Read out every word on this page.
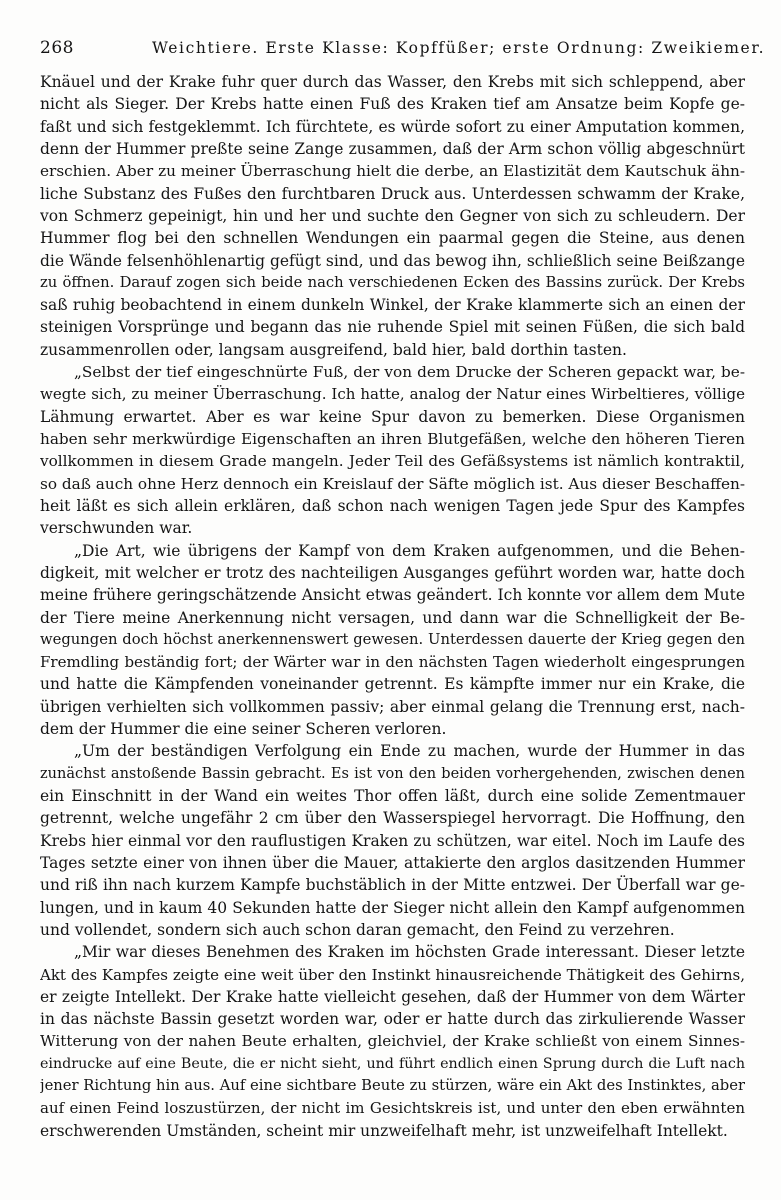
268	Weichtiere. Erste Klasse: Kopffüßer; erste Ordnung: Zweikiemer.
Knäuel und der Krake fuhr quer durch das Wasser, den Krebs mit sich schleppend, aber
nicht als Sieger. Der Krebs hatte einen Fuß des Kraken tief am Ansatze beim Kopfe ge-
faßt und sich festgeklemmt. Ich fürchtete, es würde sofort zu einer Amputation kommen,
denn der Hummer preßte seine Zange zusammen, daß der Arm schon völlig abgeschnürt
erschien. Aber zu meiner Überraschung hielt die derbe, an Elastizität dem Kautschuk ähn-
liche Substanz des Fußes den furchtbaren Druck aus. Unterdessen schwamm der Krake,
von Schmerz gepeinigt, hin und her und suchte den Gegner von sich zu schleudern. Der
Hummer flog bei den schnellen Wendungen ein paarmal gegen die Steine, aus denen
die Wände felsenhöhlenartig gefügt sind, und das bewog ihn, schließlich seine Beißzange
zu öffnen. Darauf zogen sich beide nach verschiedenen Ecken des Bassins zurück. Der Krebs
saß ruhig beobachtend in einem dunkeln Winkel, der Krake klammerte sich an einen der
steinigen Vorsprünge und begann das nie ruhende Spiel mit seinen Füßen, die sich bald
zusammenrollen oder, langsam ausgreifend, bald hier, bald dorthin tasten.
„Selbst der tief eingeschnürte Fuß, der von dem Drucke der Scheren gepackt war, be-
wegte sich, zu meiner Überraschung. Ich hatte, analog der Natur eines Wirbeltieres, völlige
Lähmung erwartet. Aber es war keine Spur davon zu bemerken. Diese Organismen
haben sehr merkwürdige Eigenschaften an ihren Blutgefäßen, welche den höheren Tieren
vollkommen in diesem Grade mangeln. Jeder Teil des Gefäßsystems ist nämlich kontraktil,
so daß auch ohne Herz dennoch ein Kreislauf der Säfte möglich ist. Aus dieser Beschaffen-
heit läßt es sich allein erklären, daß schon nach wenigen Tagen jede Spur des Kampfes
verschwunden war.
„Die Art, wie übrigens der Kampf von dem Kraken aufgenommen, und die Behen-
digkeit, mit welcher er trotz des nachteiligen Ausganges geführt worden war, hatte doch
meine frühere geringschätzende Ansicht etwas geändert. Ich konnte vor allem dem Mute
der Tiere meine Anerkennung nicht versagen, und dann war die Schnelligkeit der Be-
wegungen doch höchst anerkennenswert gewesen. Unterdessen dauerte der Krieg gegen den
Fremdling beständig fort; der Wärter war in den nächsten Tagen wiederholt eingesprungen
und hatte die Kämpfenden voneinander getrennt. Es kämpfte immer nur ein Krake, die
übrigen verhielten sich vollkommen passiv; aber einmal gelang die Trennung erst, nach-
dem der Hummer die eine seiner Scheren verloren.
„Um der beständigen Verfolgung ein Ende zu machen, wurde der Hummer in das
zunächst anstoßende Bassin gebracht. Es ist von den beiden vorhergehenden, zwischen denen
ein Einschnitt in der Wand ein weites Thor offen läßt, durch eine solide Zementmauer
getrennt, welche ungefähr 2 cm über den Wasserspiegel hervorragt. Die Hoffnung, den
Krebs hier einmal vor den rauflustigen Kraken zu schützen, war eitel. Noch im Laufe des
Tages setzte einer von ihnen über die Mauer, attakierte den arglos dasitzenden Hummer
und riß ihn nach kurzem Kampfe buchstäblich in der Mitte entzwei. Der Überfall war ge-
lungen, und in kaum 40 Sekunden hatte der Sieger nicht allein den Kampf aufgenommen
und vollendet, sondern sich auch schon daran gemacht, den Feind zu verzehren.
„Mir war dieses Benehmen des Kraken im höchsten Grade interessant. Dieser letzte
Akt des Kampfes zeigte eine weit über den Instinkt hinausreichende Thätigkeit des Gehirns,
er zeigte Intellekt. Der Krake hatte vielleicht gesehen, daß der Hummer von dem Wärter
in das nächste Bassin gesetzt worden war, oder er hatte durch das zirkulierende Wasser
Witterung von der nahen Beute erhalten, gleichviel, der Krake schließt von einem Sinnes-
eindrucke auf eine Beute, die er nicht sieht, und führt endlich einen Sprung durch die Luft nach
jener Richtung hin aus. Auf eine sichtbare Beute zu stürzen, wäre ein Akt des Instinktes, aber
auf einen Feind loszustürzen, der nicht im Gesichtskreis ist, und unter den eben erwähnten
erschwerenden Umständen, scheint mir unzweifelhaft mehr, ist unzweifelhaft Intellekt.
